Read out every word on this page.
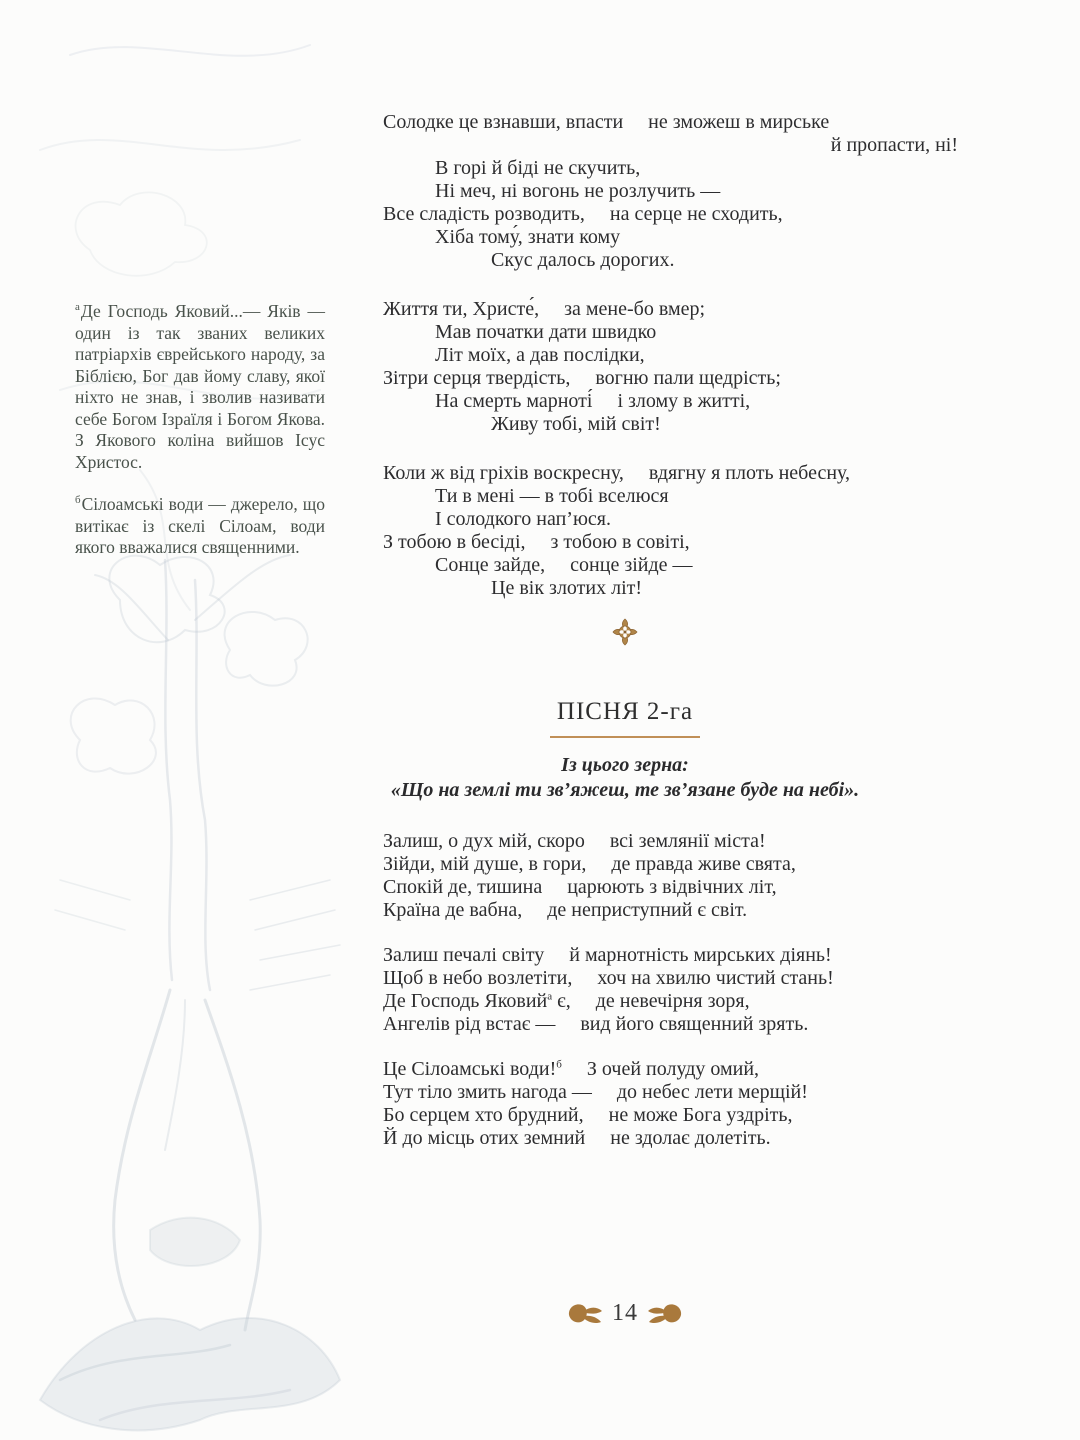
$^а$Де Господь Яковий...— Яків — один із так званих великих патріархів єврейського народу, за Біблією, Бог дав йому славу, якої ніхто не знав, і зволив називати себе Богом Ізраїля і Богом Якова. З Якового коліна вийшов Ісус Христос.
$^б$Сілоамські води — джерело, що витікає із скелі Сілоам, води якого вважалися священними.
Солодке це взнавши, впасти     не зможеш в мирське
й пропасти, ні!
В горі й біді не скучить,
Ні меч, ні вогонь не розлучить —
Все сладість розводить,     на серце не сходить,
Хіба тому́, знати кому
Скус далось дорогих.
Життя ти, Христе́,     за мене-бо вмер;
Мав початки дати швидко
Літ моїх, а дав послідки,
Зітри серця твердість,     вогню пали щедрість;
На смерть марноті́     і злому в житті,
Живу тобі, мій світ!
Коли ж від гріхів воскресну,     вдягну я плоть небесну,
Ти в мені — в тобі вселюся
І солодкого нап’юся.
З тобою в бесіді,     з тобою в совіті,
Сонце зайде,     сонце зійде —
Це вік злотих літ!
ПІСНЯ 2-га
Із цього зерна:
«Що на землі ти зв’яжеш, те зв’язане буде на небі».
Залиш, о дух мій, скоро     всі землянії міста!
Зійди, мій душе, в гори,     де правда живе свята,
Спокій де, тишина     царюють з відвічних літ,
Країна де вабна,     де неприступний є світ.
Залиш печалі світу     й марнотність мирських діянь!
Щоб в небо возлетіти,     хоч на хвилю чистий стань!
Де Господь Яковий$^а$ є,     де невечірня зоря,
Ангелів рід встає —     вид його священний зрять.
Це Сілоамські води!$^б$     З очей полуду омий,
Тут тіло змить нагода —     до небес лети мерщій!
Бо серцем хто брудний,     не може Бога уздріть,
Й до місць отих земний     не здолає долетіть.
14
